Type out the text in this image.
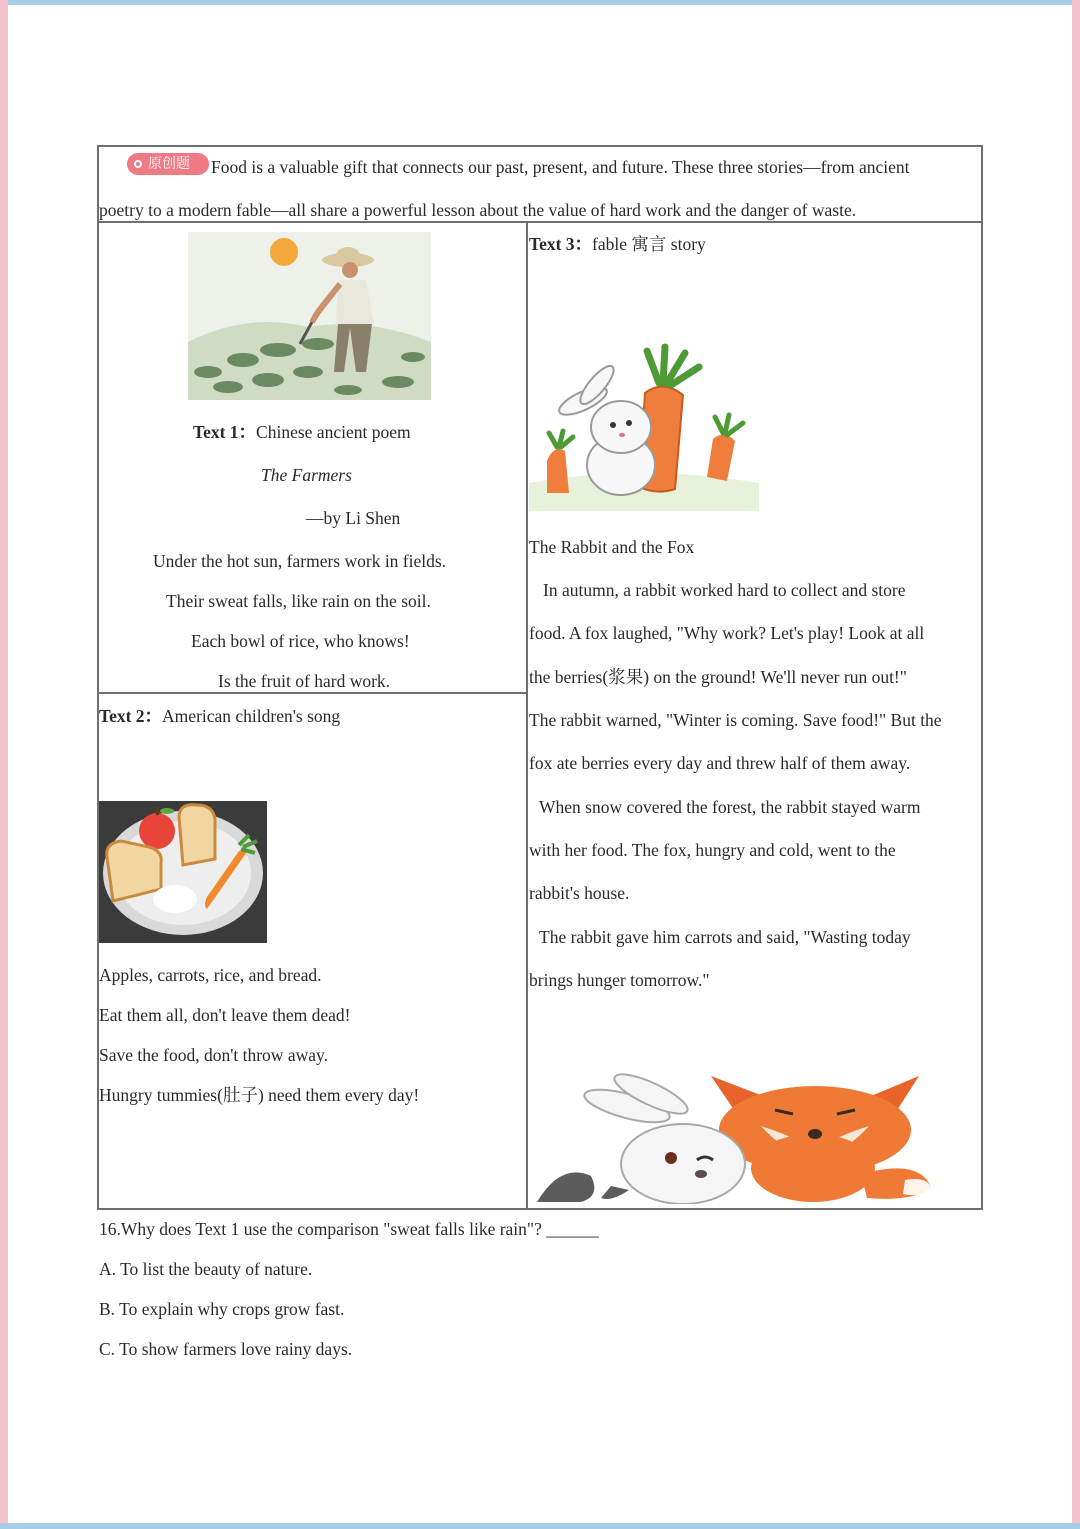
原创题 Food is a valuable gift that connects our past, present, and future. These three stories—from ancient
poetry to a modern fable—all share a powerful lesson about the value of hard work and the danger of waste.
Text 1：Chinese ancient poem
The Farmers
—by Li Shen
Under the hot sun, farmers work in fields.
Their sweat falls, like rain on the soil.
Each bowl of rice, who knows!
Is the fruit of hard work.
Text 2：American children's song
Apples, carrots, rice, and bread.
Eat them all, don't leave them dead!
Save the food, don't throw away.
Hungry tummies(肚子) need them every day!
Text 3：fable 寓言 story
The Rabbit and the Fox
In autumn, a rabbit worked hard to collect and store
food. A fox laughed, "Why work? Let's play! Look at all
the berries(浆果) on the ground! We'll never run out!"
The rabbit warned, "Winter is coming. Save food!" But the
fox ate berries every day and threw half of them away.
When snow covered the forest, the rabbit stayed warm
with her food. The fox, hungry and cold, went to the
rabbit's house.
The rabbit gave him carrots and said, "Wasting today
brings hunger tomorrow."
16.Why does Text 1 use the comparison "sweat falls like rain"? ______
A. To list the beauty of nature.
B. To explain why crops grow fast.
C. To show farmers love rainy days.
